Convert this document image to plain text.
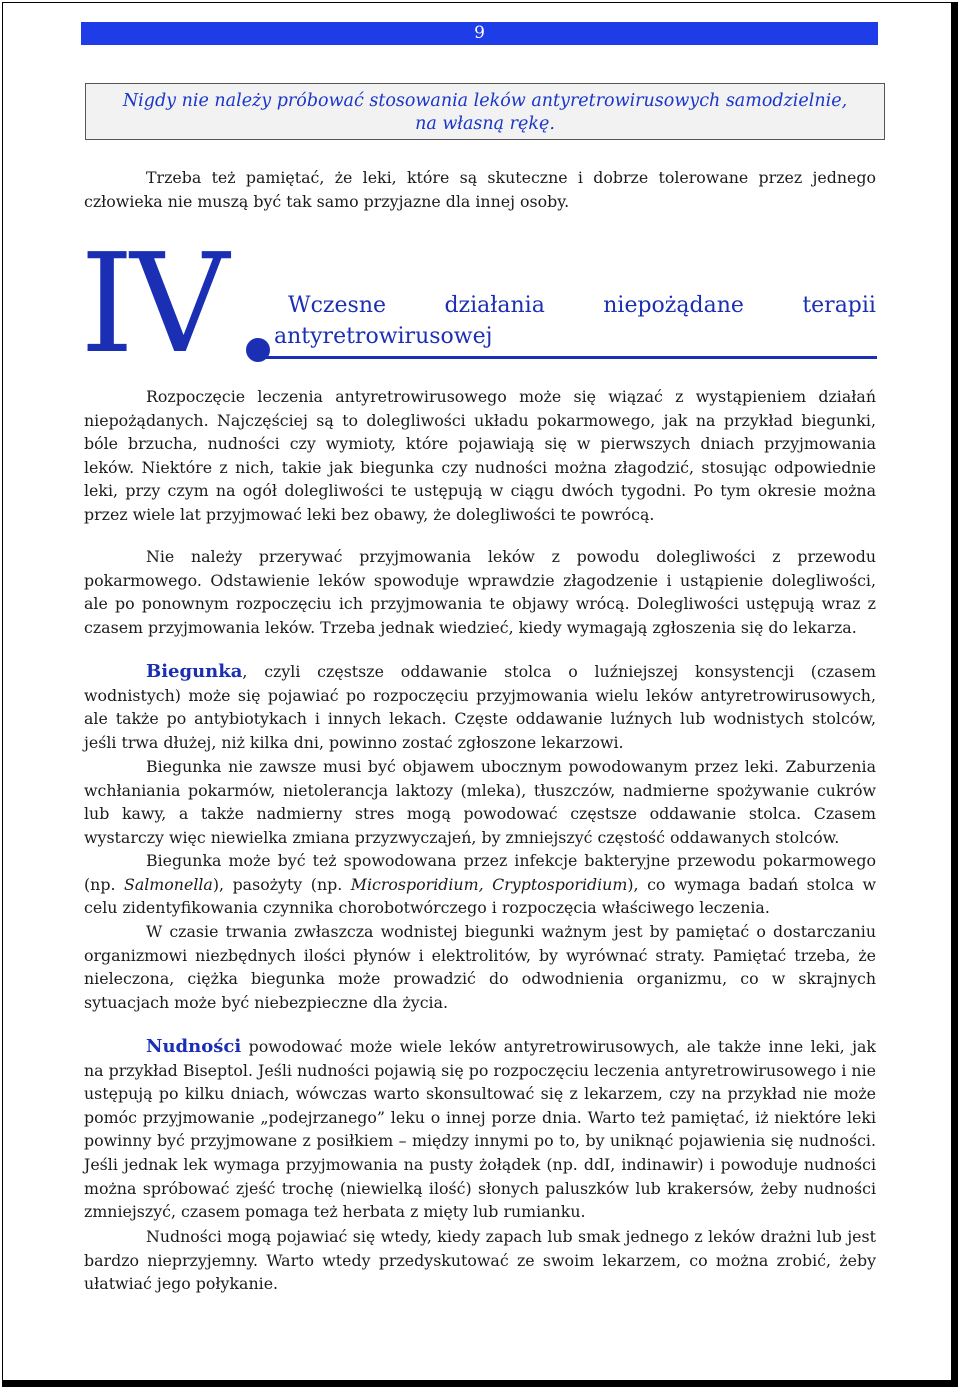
9
Nigdy nie należy próbować stosowania leków antyretrowirusowych samodzielnie,
na własną rękę.

Trzeba też pamiętać, że leki, które są skuteczne i dobrze tolerowane przez jednego człowieka nie muszą być tak samo przyjazne dla innej osoby.

IV	Wczesne	działania	niepożądane	terapii
antyretrowirusowej

Rozpoczęcie leczenia antyretrowirusowego może się wiązać z wystąpieniem działań niepożądanych. Najczęściej są to dolegliwości układu pokarmowego, jak na przykład biegunki, bóle brzucha, nudności czy wymioty, które pojawiają się w pierwszych dniach przyjmowania leków. Niektóre z nich, takie jak biegunka czy nudności można złagodzić, stosując odpowiednie leki, przy czym na ogół dolegliwości te ustępują w ciągu dwóch tygodni. Po tym okresie można przez wiele lat przyjmować leki bez obawy, że dolegliwości te powrócą.

Nie należy przerywać przyjmowania leków z powodu dolegliwości z przewodu pokarmowego. Odstawienie leków spowoduje wprawdzie złagodzenie i ustąpienie dolegliwości, ale po ponownym rozpoczęciu ich przyjmowania te objawy wrócą. Dolegliwości ustępują wraz z czasem przyjmowania leków. Trzeba jednak wiedzieć, kiedy wymagają zgłoszenia się do lekarza.

Biegunka, czyli częstsze oddawanie stolca o luźniejszej konsystencji (czasem wodnistych) może się pojawiać po rozpoczęciu przyjmowania wielu leków antyretrowirusowych, ale także po antybiotykach i innych lekach. Częste oddawanie luźnych lub wodnistych stolców, jeśli trwa dłużej, niż kilka dni, powinno zostać zgłoszone lekarzowi.

Biegunka nie zawsze musi być objawem ubocznym powodowanym przez leki. Zaburzenia wchłaniania pokarmów, nietolerancja laktozy (mleka), tłuszczów, nadmierne spożywanie cukrów lub kawy, a także nadmierny stres mogą powodować częstsze oddawanie stolca. Czasem wystarczy więc niewielka zmiana przyzwyczajeń, by zmniejszyć częstość oddawanych stolców.

Biegunka może być też spowodowana przez infekcje bakteryjne przewodu pokarmowego (np. Salmonella), pasożyty (np. Microsporidium, Cryptosporidium), co wymaga badań stolca w celu zidentyfikowania czynnika chorobotwórczego i rozpoczęcia właściwego leczenia.

W czasie trwania zwłaszcza wodnistej biegunki ważnym jest by pamiętać o dostarczaniu organizmowi niezbędnych ilości płynów i elektrolitów, by wyrównać straty. Pamiętać trzeba, że nieleczona, ciężka biegunka może prowadzić do odwodnienia organizmu, co w skrajnych sytuacjach może być niebezpieczne dla życia.

Nudności powodować może wiele leków antyretrowirusowych, ale także inne leki, jak na przykład Biseptol. Jeśli nudności pojawią się po rozpoczęciu leczenia antyretrowirusowego i nie ustępują po kilku dniach, wówczas warto skonsultować się z lekarzem, czy na przykład nie może pomóc przyjmowanie „podejrzanego” leku o innej porze dnia. Warto też pamiętać, iż niektóre leki powinny być przyjmowane z posiłkiem – między innymi po to, by uniknąć pojawienia się nudności. Jeśli jednak lek wymaga przyjmowania na pusty żołądek (np. ddI, indinawir) i powoduje nudności można spróbować zjeść trochę (niewielką ilość) słonych paluszków lub krakersów, żeby nudności zmniejszyć, czasem pomaga też herbata z mięty lub rumianku.

Nudności mogą pojawiać się wtedy, kiedy zapach lub smak jednego z leków drażni lub jest bardzo nieprzyjemny. Warto wtedy przedyskutować ze swoim lekarzem, co można zrobić, żeby ułatwiać jego połykanie.
